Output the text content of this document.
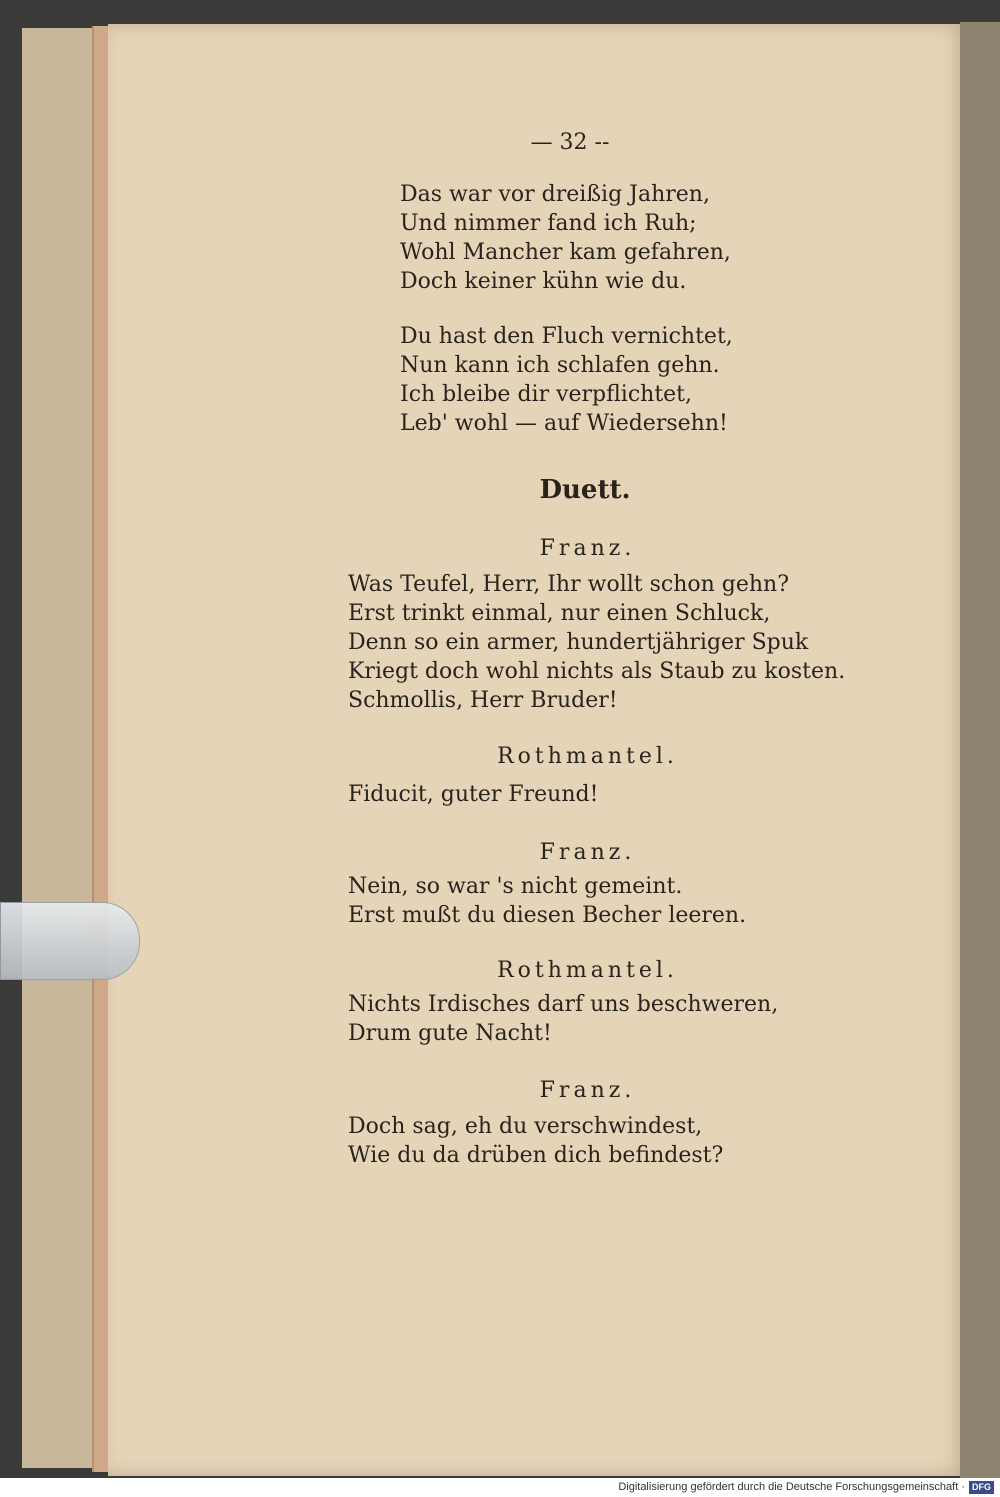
— 32 --
Das war vor dreißig Jahren,
Und nimmer fand ich Ruh;
Wohl Mancher kam gefahren,
Doch keiner kühn wie du.
Du hast den Fluch vernichtet,
Nun kann ich schlafen gehn.
Ich bleibe dir verpflichtet,
Leb' wohl — auf Wiedersehn!
Duett.
Franz.
Was Teufel, Herr, Ihr wollt schon gehn?
Erst trinkt einmal, nur einen Schluck,
Denn so ein armer, hundertjähriger Spuk
Kriegt doch wohl nichts als Staub zu kosten.
Schmollis, Herr Bruder!
Rothmantel.
Fiducit, guter Freund!
Franz.
Nein, so war 's nicht gemeint.
Erst mußt du diesen Becher leeren.
Rothmantel.
Nichts Irdisches darf uns beschweren,
Drum gute Nacht!
Franz.
Doch sag, eh du verschwindest,
Wie du da drüben dich befindest?
Digitalisierung gefördert durch die Deutsche Forschungsgemeinschaft · DFG
